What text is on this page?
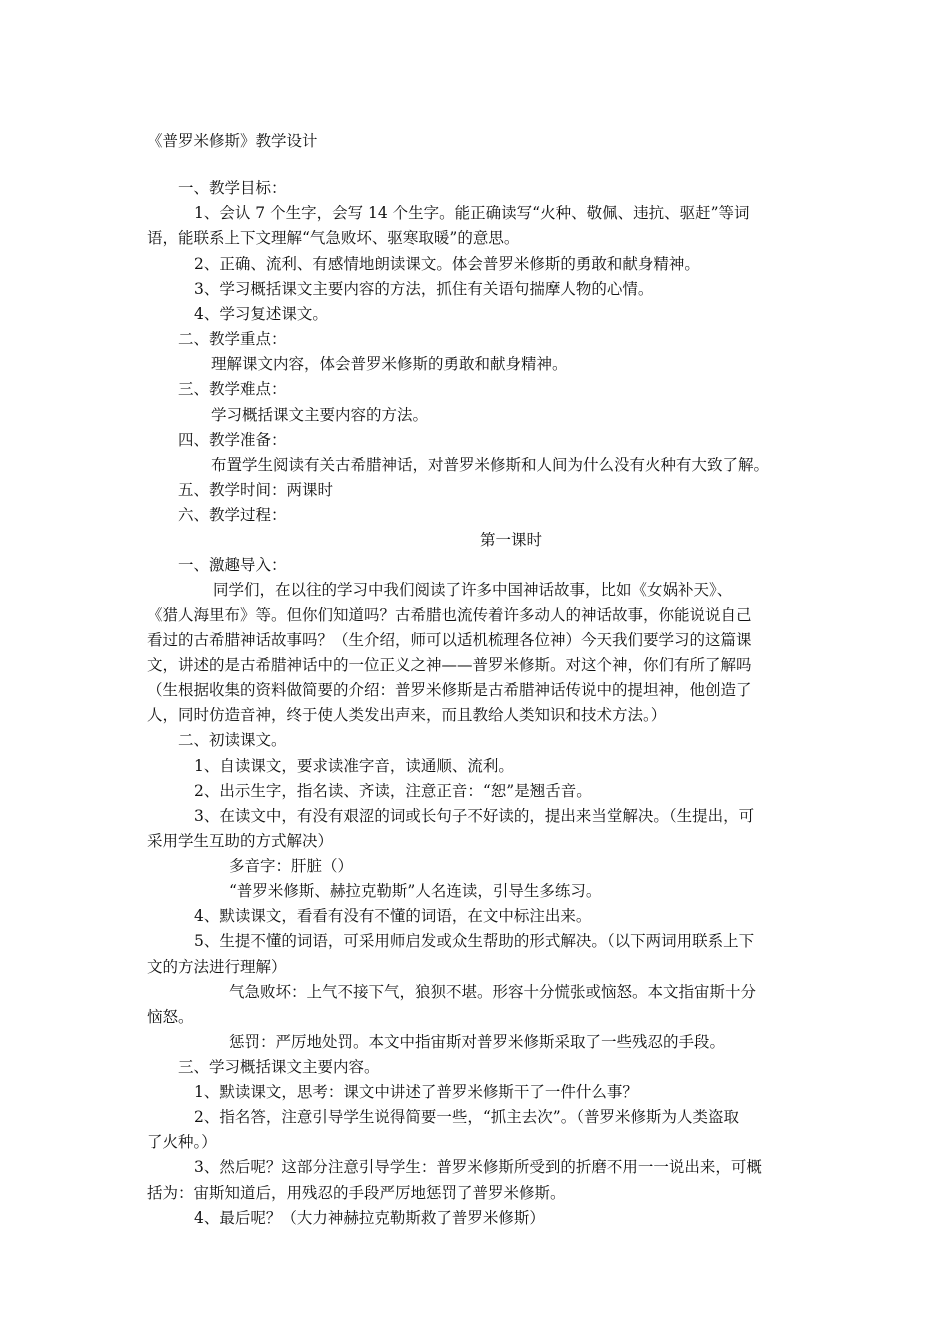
《普罗米修斯》教学设计

一、教学目标：

1、会认 7 个生字，会写 14 个生字。能正确读写“火种、敬佩、违抗、驱赶”等词

语，能联系上下文理解“气急败坏、驱寒取暖”的意思。

2、正确、流利、有感情地朗读课文。体会普罗米修斯的勇敢和献身精神。

3、学习概括课文主要内容的方法，抓住有关语句揣摩人物的心情。

4、学习复述课文。

二、教学重点：

理解课文内容，体会普罗米修斯的勇敢和献身精神。

三、教学难点：

学习概括课文主要内容的方法。

四、教学准备：

布置学生阅读有关古希腊神话，对普罗米修斯和人间为什么没有火种有大致了解。

五、教学时间：两课时

六、教学过程：

第一课时

一、激趣导入：

同学们，在以往的学习中我们阅读了许多中国神话故事，比如《女娲补天》、

《猎人海里布》等。但你们知道吗？古希腊也流传着许多动人的神话故事，你能说说自己

看过的古希腊神话故事吗？（生介绍，师可以适机梳理各位神）今天我们要学习的这篇课

文，讲述的是古希腊神话中的一位正义之神——普罗米修斯。对这个神，你们有所了解吗

（生根据收集的资料做简要的介绍：普罗米修斯是古希腊神话传说中的提坦神，他创造了

人，同时仿造音神，终于使人类发出声来，而且教给人类知识和技术方法。）

二、初读课文。

1、自读课文，要求读准字音，读通顺、流利。

2、出示生字，指名读、齐读，注意正音：“恕”是翘舌音。

3、在读文中，有没有艰涩的词或长句子不好读的，提出来当堂解决。（生提出，可

采用学生互助的方式解决）

多音字：肝脏（）

“普罗米修斯、赫拉克勒斯”人名连读，引导生多练习。

4、默读课文，看看有没有不懂的词语，在文中标注出来。

5、生提不懂的词语，可采用师启发或众生帮助的形式解决。（以下两词用联系上下

文的方法进行理解）

气急败坏：上气不接下气，狼狈不堪。形容十分慌张或恼怒。本文指宙斯十分

恼怒。

惩罚：严厉地处罚。本文中指宙斯对普罗米修斯采取了一些残忍的手段。

三、学习概括课文主要内容。

1、默读课文，思考：课文中讲述了普罗米修斯干了一件什么事？

2、指名答，注意引导学生说得简要一些，“抓主去次”。（普罗米修斯为人类盗取

了火种。）

3、然后呢？这部分注意引导学生：普罗米修斯所受到的折磨不用一一说出来，可概

括为：宙斯知道后，用残忍的手段严厉地惩罚了普罗米修斯。

4、最后呢？（大力神赫拉克勒斯救了普罗米修斯）
